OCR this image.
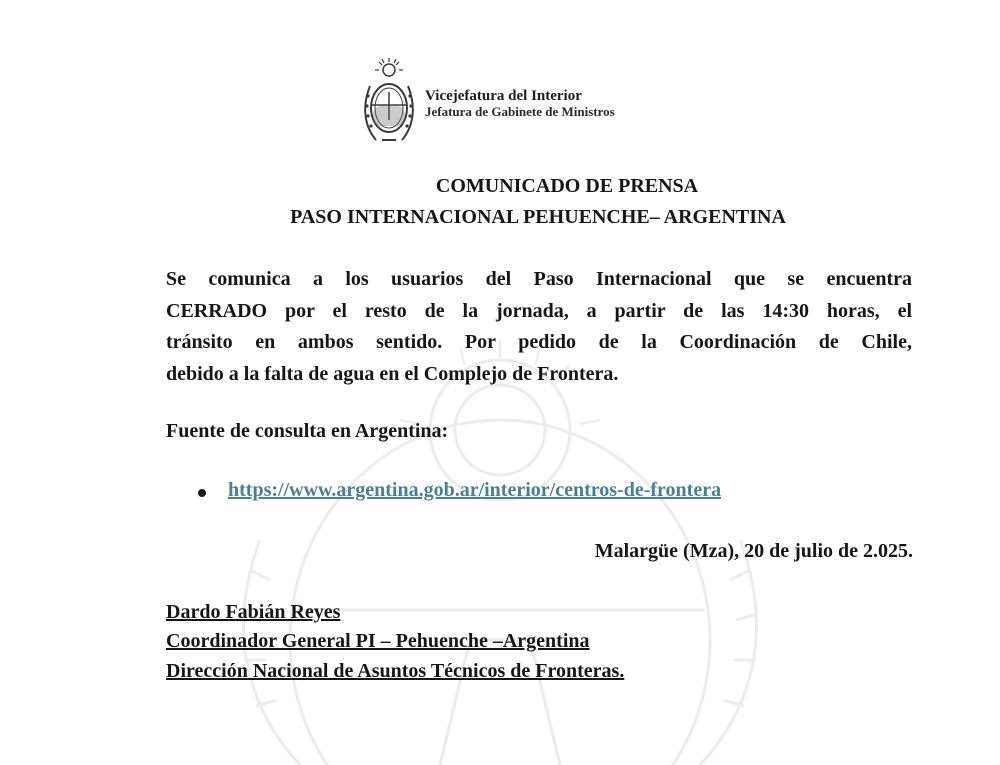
Vicejefatura del Interior
Jefatura de Gabinete de Ministros
COMUNICADO DE PRENSA
PASO INTERNACIONAL PEHUENCHE– ARGENTINA
Se comunica a los usuarios del Paso Internacional que se encuentra
CERRADO por el resto de la jornada, a partir de las 14:30 horas, el
tránsito en ambos sentido. Por pedido de la Coordinación de Chile,
debido a la falta de agua en el Complejo de Frontera.
Fuente de consulta en Argentina:
https://www.argentina.gob.ar/interior/centros-de-frontera
Malargüe (Mza), 20 de julio de 2.025.
Dardo Fabián Reyes
Coordinador General PI – Pehuenche –Argentina
Dirección Nacional de Asuntos Técnicos de Fronteras.
